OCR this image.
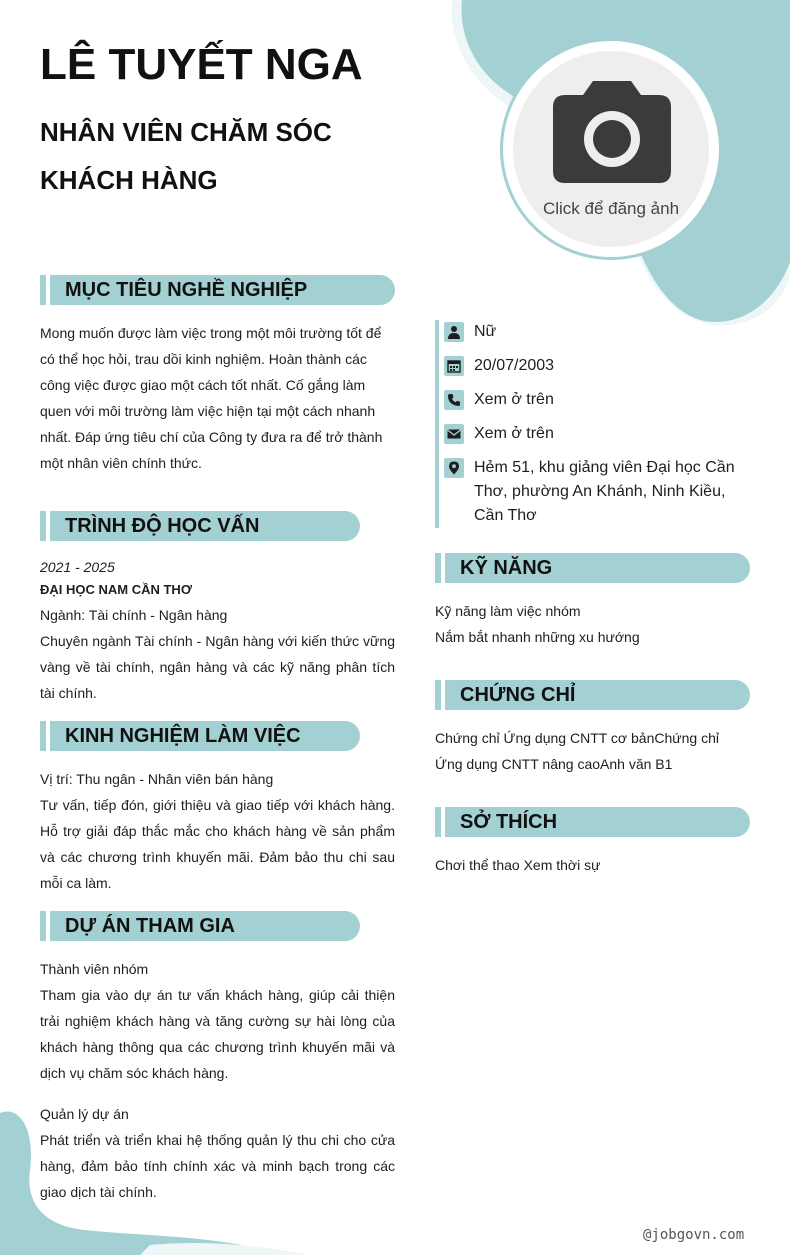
LÊ TUYẾT NGA
NHÂN VIÊN CHĂM SÓC KHÁCH HÀNG
Click để đăng ảnh
MỤC TIÊU NGHỀ NGHIỆP

Mong muốn được làm việc trong một môi trường tốt để có thể học hỏi, trau dồi kinh nghiệm. Hoàn thành các công việc được giao một cách tốt nhất. Cố gắng làm quen với môi trường làm việc hiện tại một cách nhanh nhất. Đáp ứng tiêu chí của Công ty đưa ra để trở thành một nhân viên chính thức.

TRÌNH ĐỘ HỌC VẤN
2021 - 2025
ĐẠI HỌC NAM CẦN THƠ
Ngành: Tài chính - Ngân hàng

Chuyên ngành Tài chính - Ngân hàng với kiến thức vững vàng về tài chính, ngân hàng và các kỹ năng phân tích tài chính.

KINH NGHIỆM LÀM VIỆC
Vị trí: Thu ngân - Nhân viên bán hàng

Tư vấn, tiếp đón, giới thiệu và giao tiếp với khách hàng. Hỗ trợ giải đáp thắc mắc cho khách hàng về sản phẩm và các chương trình khuyến mãi. Đảm bảo thu chi sau mỗi ca làm.

DỰ ÁN THAM GIA
Thành viên nhóm

Tham gia vào dự án tư vấn khách hàng, giúp cải thiện trải nghiệm khách hàng và tăng cường sự hài lòng của khách hàng thông qua các chương trình khuyến mãi và dịch vụ chăm sóc khách hàng.

Quản lý dự án

Phát triển và triển khai hệ thống quản lý thu chi cho cửa hàng, đảm bảo tính chính xác và minh bạch trong các giao dịch tài chính.

Nữ
20/07/2003
Xem ở trên
Xem ở trên
Hẻm 51, khu giảng viên Đại học Cần Thơ, phường An Khánh, Ninh Kiều, Cần Thơ
KỸ NĂNG
Kỹ năng làm việc nhóm
Nắm bắt nhanh những xu hướng
CHỨNG CHỈ

Chứng chỉ Ứng dụng CNTT cơ bảnChứng chỉ Ứng dụng CNTT nâng caoAnh văn B1

SỞ THÍCH
Chơi thể thao Xem thời sự
@jobgovn.com
